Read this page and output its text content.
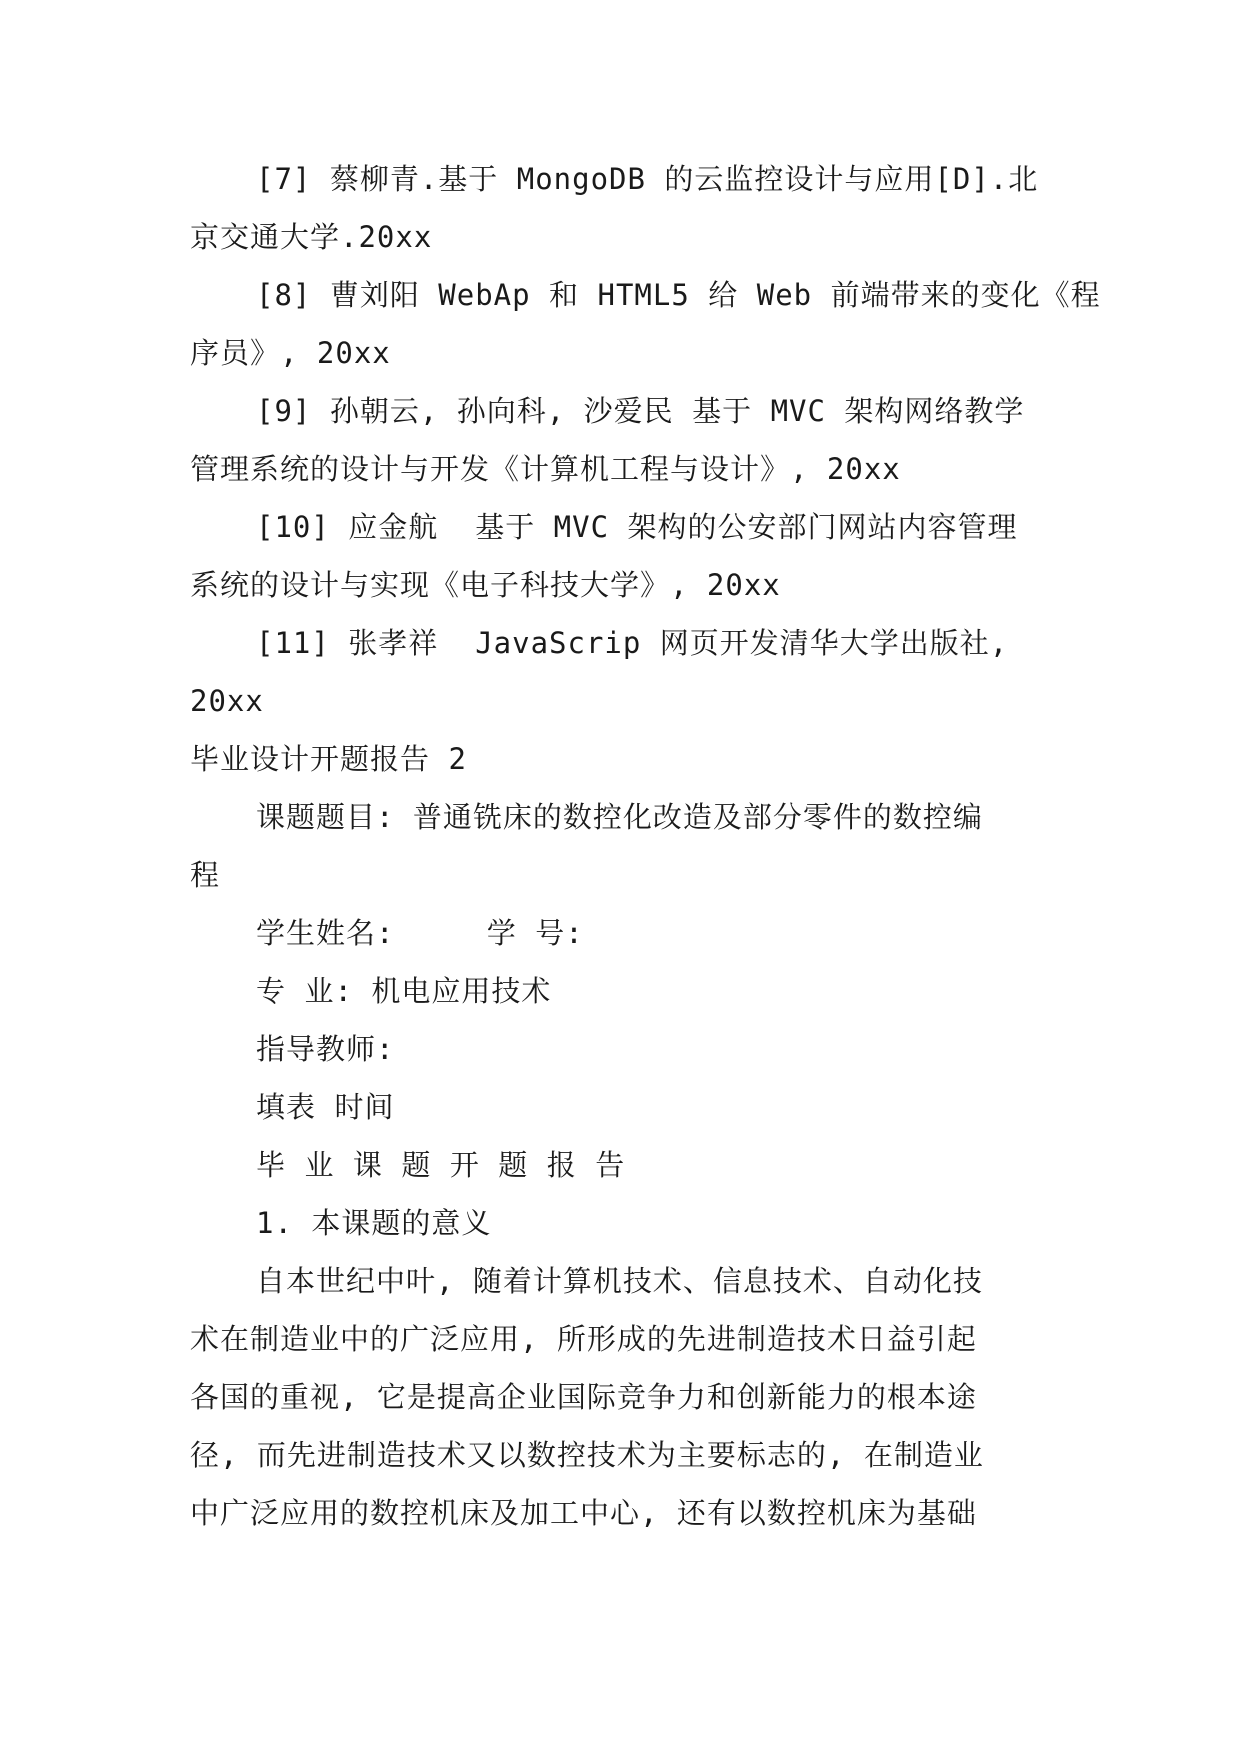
[7] 蔡柳青.基于 MongoDB 的云监控设计与应用[D].北
京交通大学.20xx
[8] 曹刘阳 WebAp 和 HTML5 给 Web 前端带来的变化《程
序员》, 20xx
[9] 孙朝云, 孙向科, 沙爱民 基于 MVC 架构网络教学
管理系统的设计与开发《计算机工程与设计》, 20xx
[10] 应金航  基于 MVC 架构的公安部门网站内容管理
系统的设计与实现《电子科技大学》, 20xx
[11] 张孝祥  JavaScrip 网页开发清华大学出版社,
20xx
毕业设计开题报告 2
课题题目: 普通铣床的数控化改造及部分零件的数控编
程
学生姓名:     学 号:
专 业: 机电应用技术
指导教师:
填表 时间
毕 业 课 题 开 题 报 告
1. 本课题的意义
自本世纪中叶, 随着计算机技术、信息技术、自动化技
术在制造业中的广泛应用, 所形成的先进制造技术日益引起
各国的重视, 它是提高企业国际竞争力和创新能力的根本途
径, 而先进制造技术又以数控技术为主要标志的, 在制造业
中广泛应用的数控机床及加工中心, 还有以数控机床为基础
